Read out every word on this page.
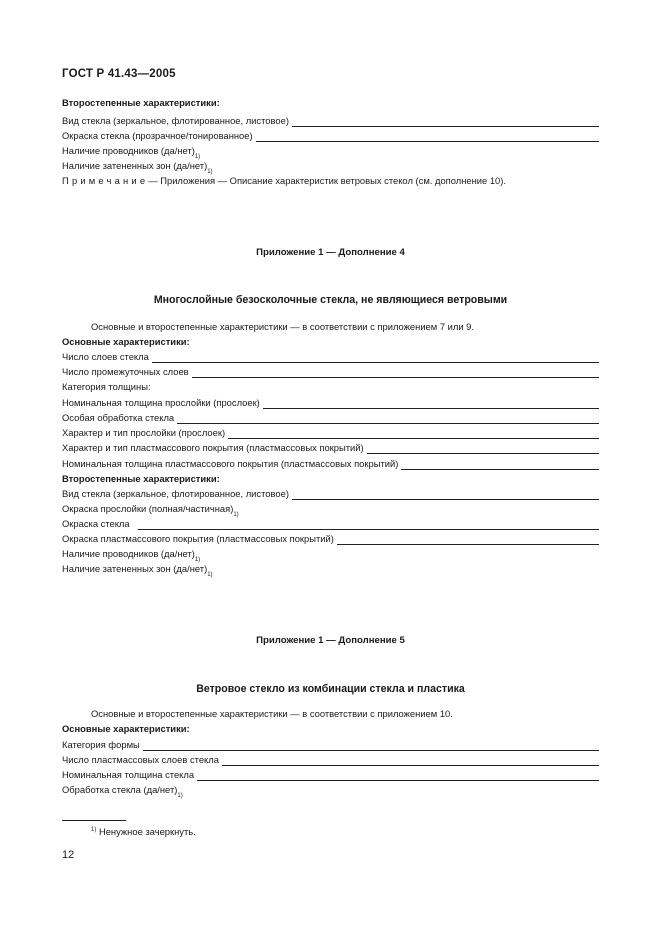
ГОСТ Р 41.43—2005
Второстепенные характеристики:
Вид стекла (зеркальное, флотированное, листовое)
Окраска стекла (прозрачное/тонированное)
Наличие проводников (да/нет)
1)
Наличие затененных зон (да/нет)
1)
Примечание — Приложения — Описание характеристик ветровых стекол (см. дополнение 10).
Приложение 1 — Дополнение 4
Многослойные безосколочные стекла, не являющиеся ветровыми
Основные и второстепенные характеристики — в соответствии с приложением 7 или 9.
Основные характеристики:
Число слоев стекла
Число промежуточных слоев
Категория толщины:
Номинальная толщина прослойки (прослоек)
Особая обработка стекла
Характер и тип прослойки (прослоек)
Характер и тип пластмассового покрытия (пластмассовых покрытий)
Номинальная толщина пластмассового покрытия (пластмассовых покрытий)
Второстепенные характеристики:
Вид стекла (зеркальное, флотированное, листовое)
Окраска прослойки (полная/частичная)
1)
Окраска стекла
Окраска пластмассового покрытия (пластмассовых покрытий)
Наличие проводников (да/нет)
1)
Наличие затененных зон (да/нет)
1)
Приложение 1 — Дополнение 5
Ветровое стекло из комбинации стекла и пластика
Основные и второстепенные характеристики — в соответствии с приложением 10.
Основные характеристики:
Категория формы
Число пластмассовых слоев стекла
Номинальная толщина стекла
Обработка стекла (да/нет)
1)
$^{1)}$ Ненужное зачеркнуть.
12
